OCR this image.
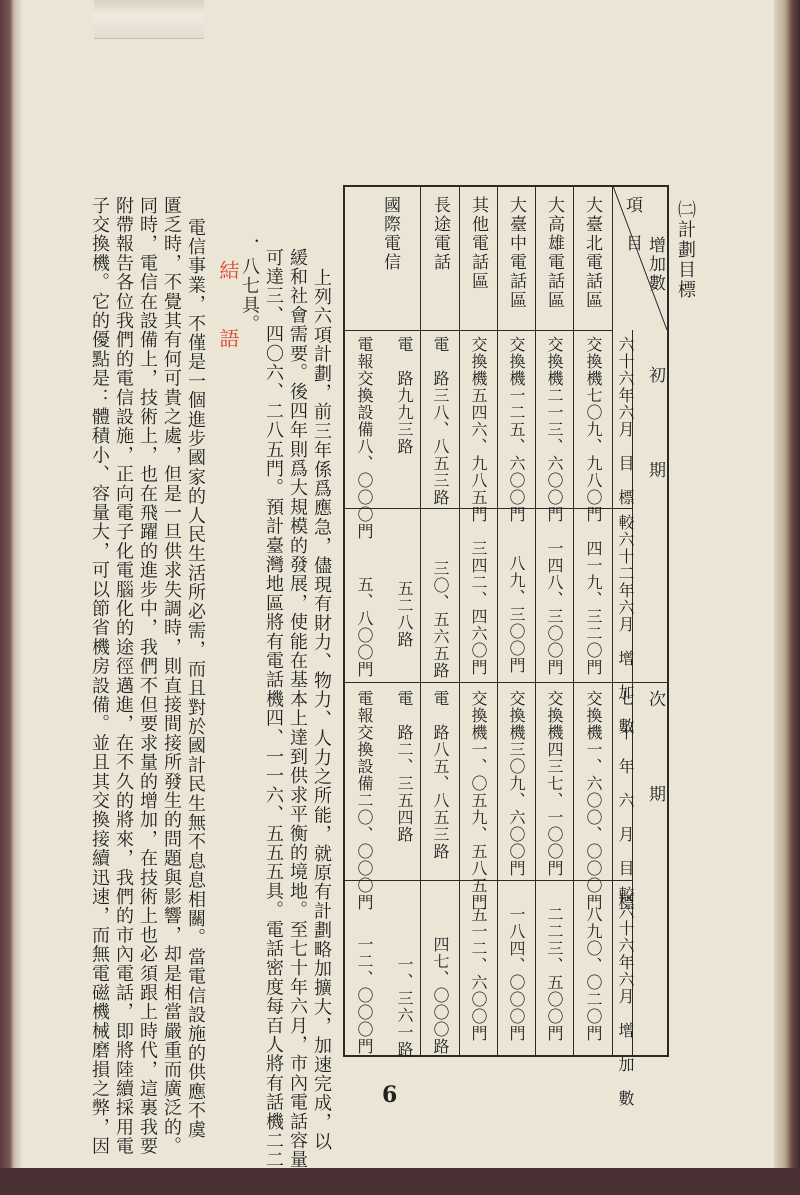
㈡計劃目標
增加數
項　目
初　　　　期
次　　　　期
六十六年六月　目　標
較六十二年六月　增　加　數
七　十　年　六　月　目　標
較六十六年六月　增　加　數
大臺北電話區
交換機七〇九、九八〇門
四一九、三二〇門
交換機一、六〇〇、〇〇〇門
八九〇、〇二〇門
大高雄電話區
交換機二一三、六〇〇門
一四八、三〇〇門
交換機四三七、一〇〇門
二二三、五〇〇門
大臺中電話區
交換機一二五、六〇〇門
八九、三〇〇門
交換機三〇九、六〇〇門
一八四、〇〇〇門
其他電話區
交換機五四六、九八五門
三四二、四六〇門
交換機一、〇五九、五八五門
五一二、六〇〇門
長途電話
電　路三八、八五三路
三〇、五六五路
電　路八五、八五三路
四七、〇〇〇路
國際電信
電　路九九三路
五二八路
電　路二、三五四路
一、三六一路
電報交換設備八、〇〇〇門
五、八〇〇門
電報交換設備二〇、〇〇〇門
一二、〇〇〇門
上列六項計劃，前三年係爲應急，儘現有財力、物力、人力之所能，就原有計劃略加擴大，加速完成，以
緩和社會需要。後四年則爲大規模的發展，使能在基本上達到供求平衡的境地。至七十年六月，市內電話容量
可達三、四〇六、二八五門。預計臺灣地區將有電話機四、一一六、五五五具。電話密度每百人將有話機二二
．八七具。
結　語
電信事業，不僅是一個進步國家的人民生活所必需，而且對於國計民生無不息息相關。當電信設施的供應不虞
匱乏時，不覺其有何可貴之處，但是一旦供求失調時，則直接間接所發生的問題與影響，却是相當嚴重而廣泛的。
同時，電信在設備上，技術上，也在飛躍的進步中，我們不但要求量的增加，在技術上也必須跟上時代，這裏我要
附帶報告各位我們的電信設施，正向電子化電腦化的途徑邁進，在不久的將來，我們的市內電話，即將陸續採用電
子交換機。它的優點是：體積小、容量大，可以節省機房設備。並且其交換接續迅速，而無電磁機械磨損之弊，因	6
